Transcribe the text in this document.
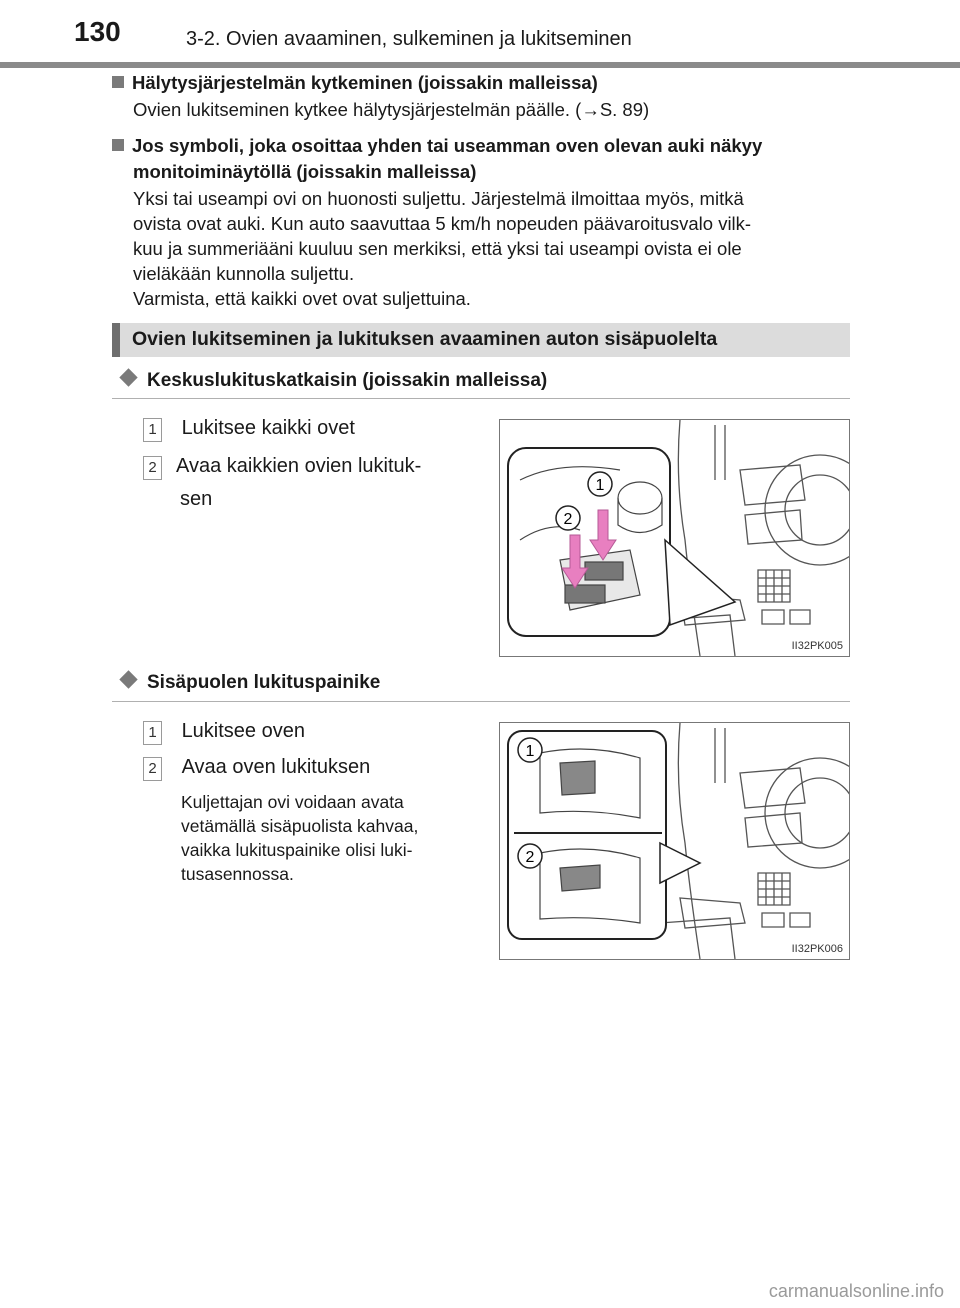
130	3-2. Ovien avaaminen, sulkeminen ja lukitseminen
Hälytysjärjestelmän kytkeminen (joissakin malleissa)
Ovien lukitseminen kytkee hälytysjärjestelmän päälle. (→S. 89)
Jos symboli, joka osoittaa yhden tai useamman oven olevan auki näkyy
monitoiminäytöllä (joissakin malleissa)
Yksi tai useampi ovi on huonosti suljettu. Järjestelmä ilmoittaa myös, mitkä
ovista ovat auki. Kun auto saavuttaa 5 km/h nopeuden päävaroitusvalo vilk-
kuu ja summeriääni kuuluu sen merkiksi, että yksi tai useampi ovista ei ole
vieläkään kunnolla suljettu.
Varmista, että kaikki ovet ovat suljettuina.
Ovien lukitseminen ja lukituksen avaaminen auton sisäpuolelta
Keskuslukituskatkaisin (joissakin malleissa)
1 Lukitsee kaikki ovet
2 Avaa kaikkien ovien lukituk-
sen
1
2
II32PK005
Sisäpuolen lukituspainike
1 Lukitsee oven
2 Avaa oven lukituksen
Kuljettajan ovi voidaan avata
vetämällä sisäpuolista kahvaa,
vaikka lukituspainike olisi luki-
tusasennossa.
1
2
II32PK006
carmanualsonline.info
